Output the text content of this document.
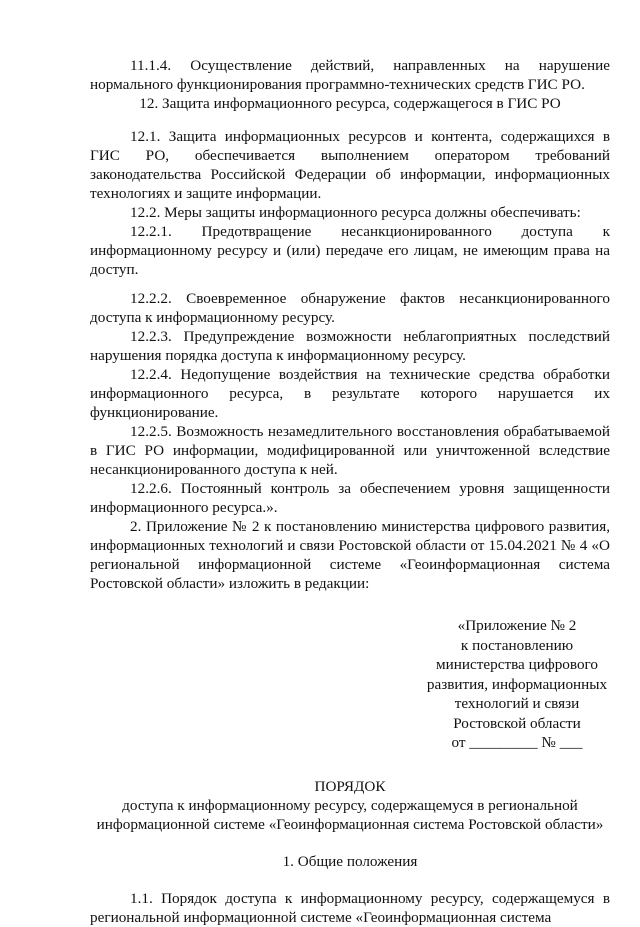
11.1.4. Осуществление действий, направленных на нарушение нормального функционирования программно-технических средств ГИС РО.

12. Защита информационного ресурса, содержащегося в ГИС РО

12.1. Защита информационных ресурсов и контента, содержащихся в ГИС РО, обеспечивается выполнением оператором требований законодательства Российской Федерации об информации, информационных технологиях и защите информации.

12.2. Меры защиты информационного ресурса должны обеспечивать:

12.2.1. Предотвращение несанкционированного доступа к информационному ресурсу и (или) передаче его лицам, не имеющим права на доступ.

12.2.2. Своевременное обнаружение фактов несанкционированного доступа к информационному ресурсу.

12.2.3. Предупреждение возможности неблагоприятных последствий нарушения порядка доступа к информационному ресурсу.

12.2.4. Недопущение воздействия на технические средства обработки информационного ресурса, в результате которого нарушается их функционирование.

12.2.5. Возможность незамедлительного восстановления обрабатываемой в ГИС РО информации, модифицированной или уничтоженной вследствие несанкционированного доступа к ней.

12.2.6. Постоянный контроль за обеспечением уровня защищенности информационного ресурса.».

2. Приложение № 2 к постановлению министерства цифрового развития, информационных технологий и связи Ростовской области от 15.04.2021 № 4 «О региональной информационной системе «Геоинформационная система Ростовской области» изложить в редакции:

«Приложение № 2
к постановлению
министерства цифрового
развития, информационных
технологий и связи
Ростовской области
от _________ № ___

ПОРЯДОК

доступа к информационному ресурсу, содержащемуся в региональной

информационной системе «Геоинформационная система Ростовской области»

1. Общие положения

1.1. Порядок доступа к информационному ресурсу, содержащемуся в региональной информационной системе «Геоинформационная система
